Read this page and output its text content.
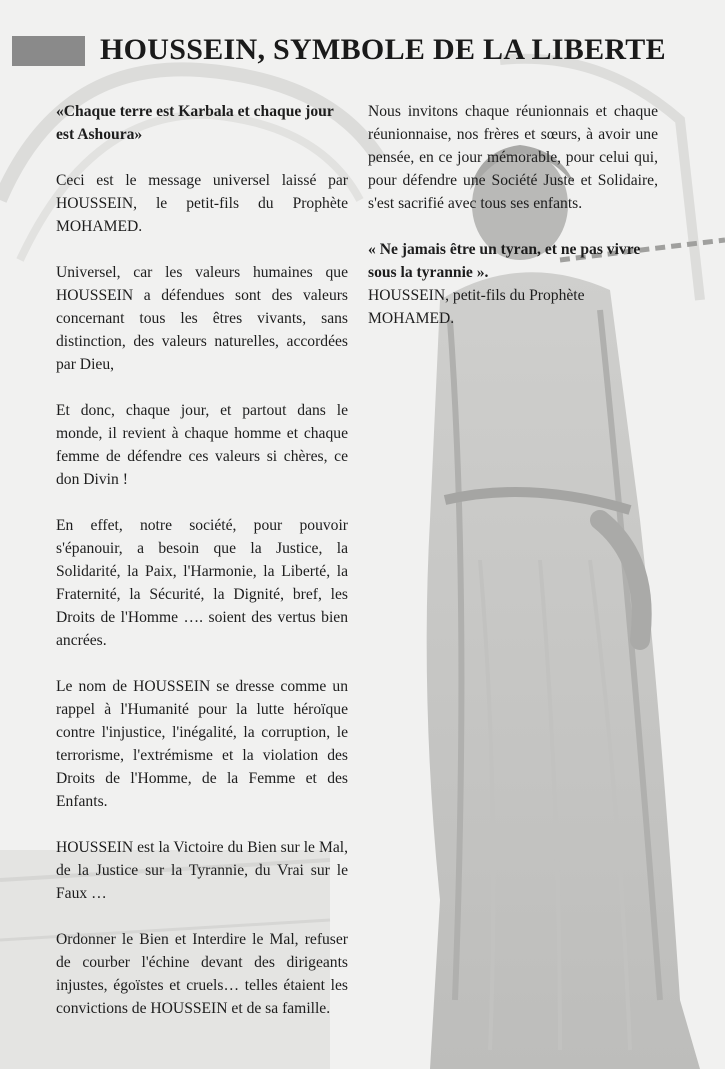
HOUSSEIN, SYMBOLE DE LA LIBERTE

«Chaque terre est Karbala et chaque jour est Ashoura»

Ceci est le message universel laissé par HOUSSEIN, le petit-fils du Prophète MOHAMED.

Universel, car les valeurs humaines que HOUSSEIN a défendues sont des valeurs concernant tous les êtres vivants, sans distinction, des valeurs naturelles, accordées par Dieu,

Et donc, chaque jour, et partout dans le monde, il revient à chaque homme et chaque femme de défendre ces valeurs si chères, ce don Divin !

En effet, notre société, pour pouvoir s'épanouir, a besoin que la Justice, la Solidarité, la Paix, l'Harmonie, la Liberté, la Fraternité, la Sécurité, la Dignité, bref, les Droits de l'Homme …. soient des vertus bien ancrées.

Le nom de HOUSSEIN se dresse comme un rappel à l'Humanité pour la lutte héroïque contre l'injustice, l'inégalité, la corruption, le terrorisme, l'extrémisme et la violation des Droits de l'Homme, de la Femme et des Enfants.

HOUSSEIN est la Victoire du Bien sur le Mal, de la Justice sur la Tyrannie, du Vrai sur le Faux …

Ordonner le Bien et Interdire le Mal, refuser de courber l'échine devant des dirigeants injustes, égoïstes et cruels… telles étaient les convictions de HOUSSEIN et de sa famille.

Nous invitons chaque réunionnais et chaque réunionnaise, nos frères et sœurs, à avoir une pensée, en ce jour mémorable, pour celui qui, pour défendre une Société Juste et Solidaire, s'est sacrifié avec tous ses enfants.

« Ne jamais être un tyran, et ne pas vivre sous la tyrannie ».

HOUSSEIN, petit-fils du Prophète MOHAMED.
